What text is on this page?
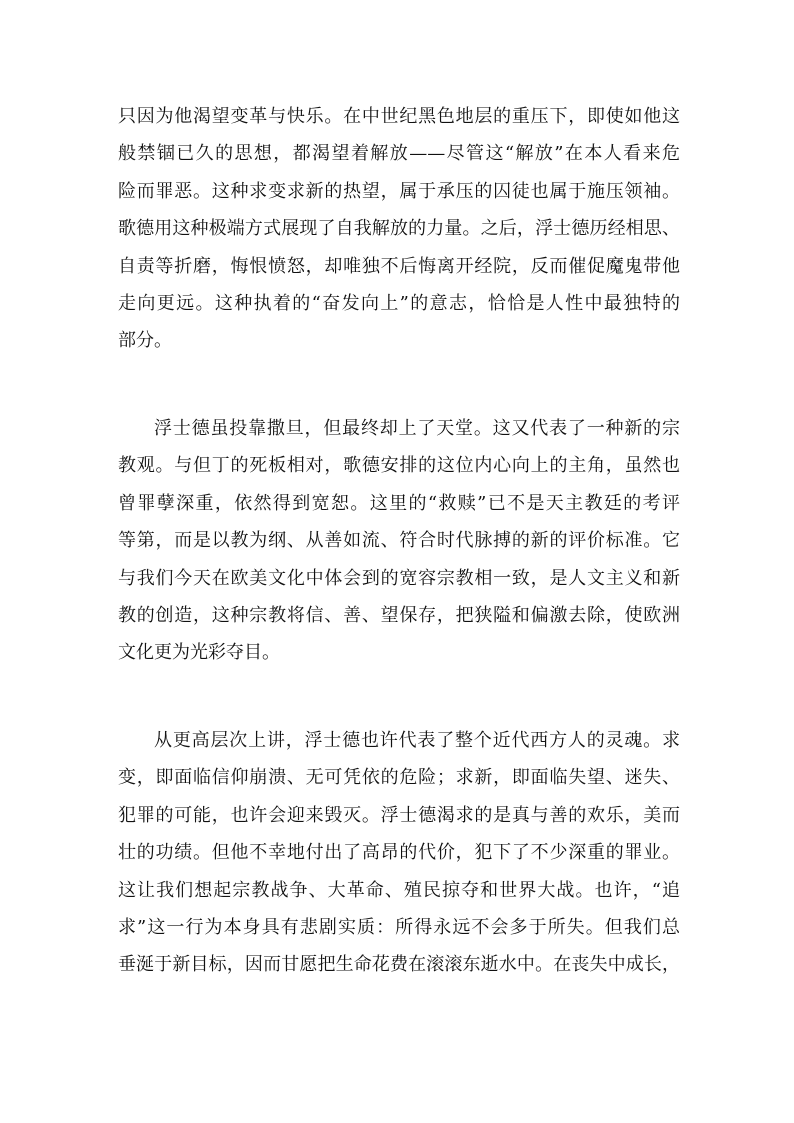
只因为他渴望变革与快乐。在中世纪黑色地层的重压下，即使如他这
般禁锢已久的思想，都渴望着解放——尽管这“解放”在本人看来危
险而罪恶。这种求变求新的热望，属于承压的囚徒也属于施压领袖。
歌德用这种极端方式展现了自我解放的力量。之后，浮士德历经相思、
自责等折磨，悔恨愤怒，却唯独不后悔离开经院，反而催促魔鬼带他
走向更远。这种执着的“奋发向上”的意志，恰恰是人性中最独特的
部分。
浮士德虽投靠撒旦，但最终却上了天堂。这又代表了一种新的宗
教观。与但丁的死板相对，歌德安排的这位内心向上的主角，虽然也
曾罪孽深重，依然得到宽恕。这里的“救赎”已不是天主教廷的考评
等第，而是以教为纲、从善如流、符合时代脉搏的新的评价标准。它
与我们今天在欧美文化中体会到的宽容宗教相一致，是人文主义和新
教的创造，这种宗教将信、善、望保存，把狭隘和偏激去除，使欧洲
文化更为光彩夺目。
从更高层次上讲，浮士德也许代表了整个近代西方人的灵魂。求
变，即面临信仰崩溃、无可凭依的危险；求新，即面临失望、迷失、
犯罪的可能，也许会迎来毁灭。浮士德渴求的是真与善的欢乐，美而
壮的功绩。但他不幸地付出了高昂的代价，犯下了不少深重的罪业。
这让我们想起宗教战争、大革命、殖民掠夺和世界大战。也许，“追
求”这一行为本身具有悲剧实质：所得永远不会多于所失。但我们总
垂涎于新目标，因而甘愿把生命花费在滚滚东逝水中。在丧失中成长，
